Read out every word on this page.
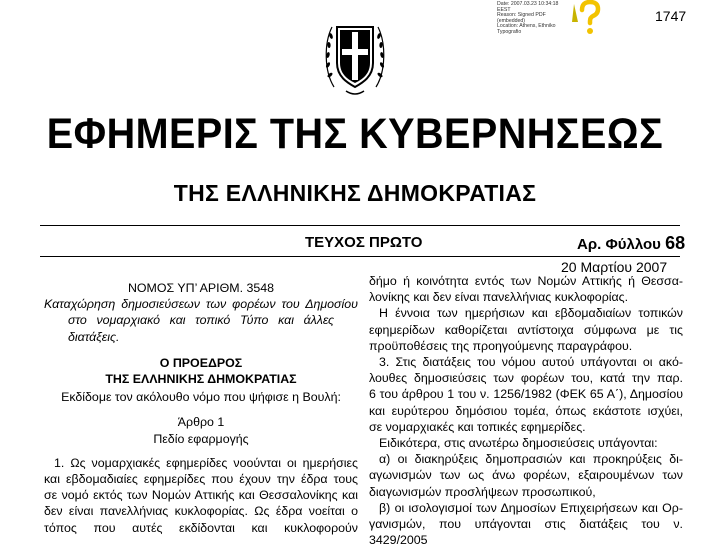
1747
Date: 2007.03.23 10:34:18
EEST
Reason: Signed PDF
(embedded)
Location: Athens, Ethniko
Typografio
ΕΦΗΜΕΡΙΣ ΤΗΣ ΚΥΒΕΡΝΗΣΕΩΣ
ΤΗΣ ΕΛΛΗΝΙΚΗΣ ΔΗΜΟΚΡΑΤΙΑΣ
ΤΕΥΧΟΣ ΠΡΩΤΟ	Αρ. Φύλλου 68
20 Μαρτίου 2007

ΝΟΜΟΣ ΥΠ’ ΑΡΙΘΜ. 3548

Καταχώρηση δημοσιεύσεων των φορέων του Δημοσίου

στο νομαρχιακό και τοπικό Τύπο και άλλες

διατάξεις.

Ο ΠΡΟΕΔΡΟΣ

ΤΗΣ ΕΛΛΗΝΙΚΗΣ ΔΗΜΟΚΡΑΤΙΑΣ

Εκδίδομε τον ακόλουθο νόμο που ψήφισε η Βουλή:

Άρθρο 1

Πεδίο εφαρμογής

1. Ως νομαρχιακές εφημερίδες νοούνται οι ημερήσιες

και εβδομαδιαίες εφημερίδες που έχουν την έδρα τους

σε νομό εκτός των Νομών Αττικής και Θεσσαλονίκης και

δεν είναι πανελλήνιας κυκλοφορίας. Ως έδρα νοείται ο

τόπος που αυτές εκδίδονται και κυκλοφορούν

δήμο ή κοινότητα εντός των Νομών Αττικής ή Θεσσα-

λονίκης και δεν είναι πανελλήνιας κυκλοφορίας.

Η έννοια των ημερήσιων και εβδομαδιαίων τοπικών

εφημερίδων καθορίζεται αντίστοιχα σύμφωνα με τις

προϋποθέσεις της προηγούμενης παραγράφου.

3. Στις διατάξεις του νόμου αυτού υπάγονται οι ακό-

λουθες δημοσιεύσεις των φορέων του, κατά την παρ.

6 του άρθρου 1 του ν. 1256/1982 (ΦΕΚ 65 Α΄), Δημοσίου

και ευρύτερου δημόσιου τομέα, όπως εκάστοτε ισχύει,

σε νομαρχιακές και τοπικές εφημερίδες.

Ειδικότερα, στις ανωτέρω δημοσιεύσεις υπάγονται:

α) οι διακηρύξεις δημοπρασιών και προκηρύξεις δι-

αγωνισμών των ως άνω φορέων, εξαιρουμένων των

διαγωνισμών προσλήψεων προσωπικού,

β) οι ισολογισμοί των Δημοσίων Επιχειρήσεων και Ορ-

γανισμών, που υπάγονται στις διατάξεις του ν. 3429/2005
